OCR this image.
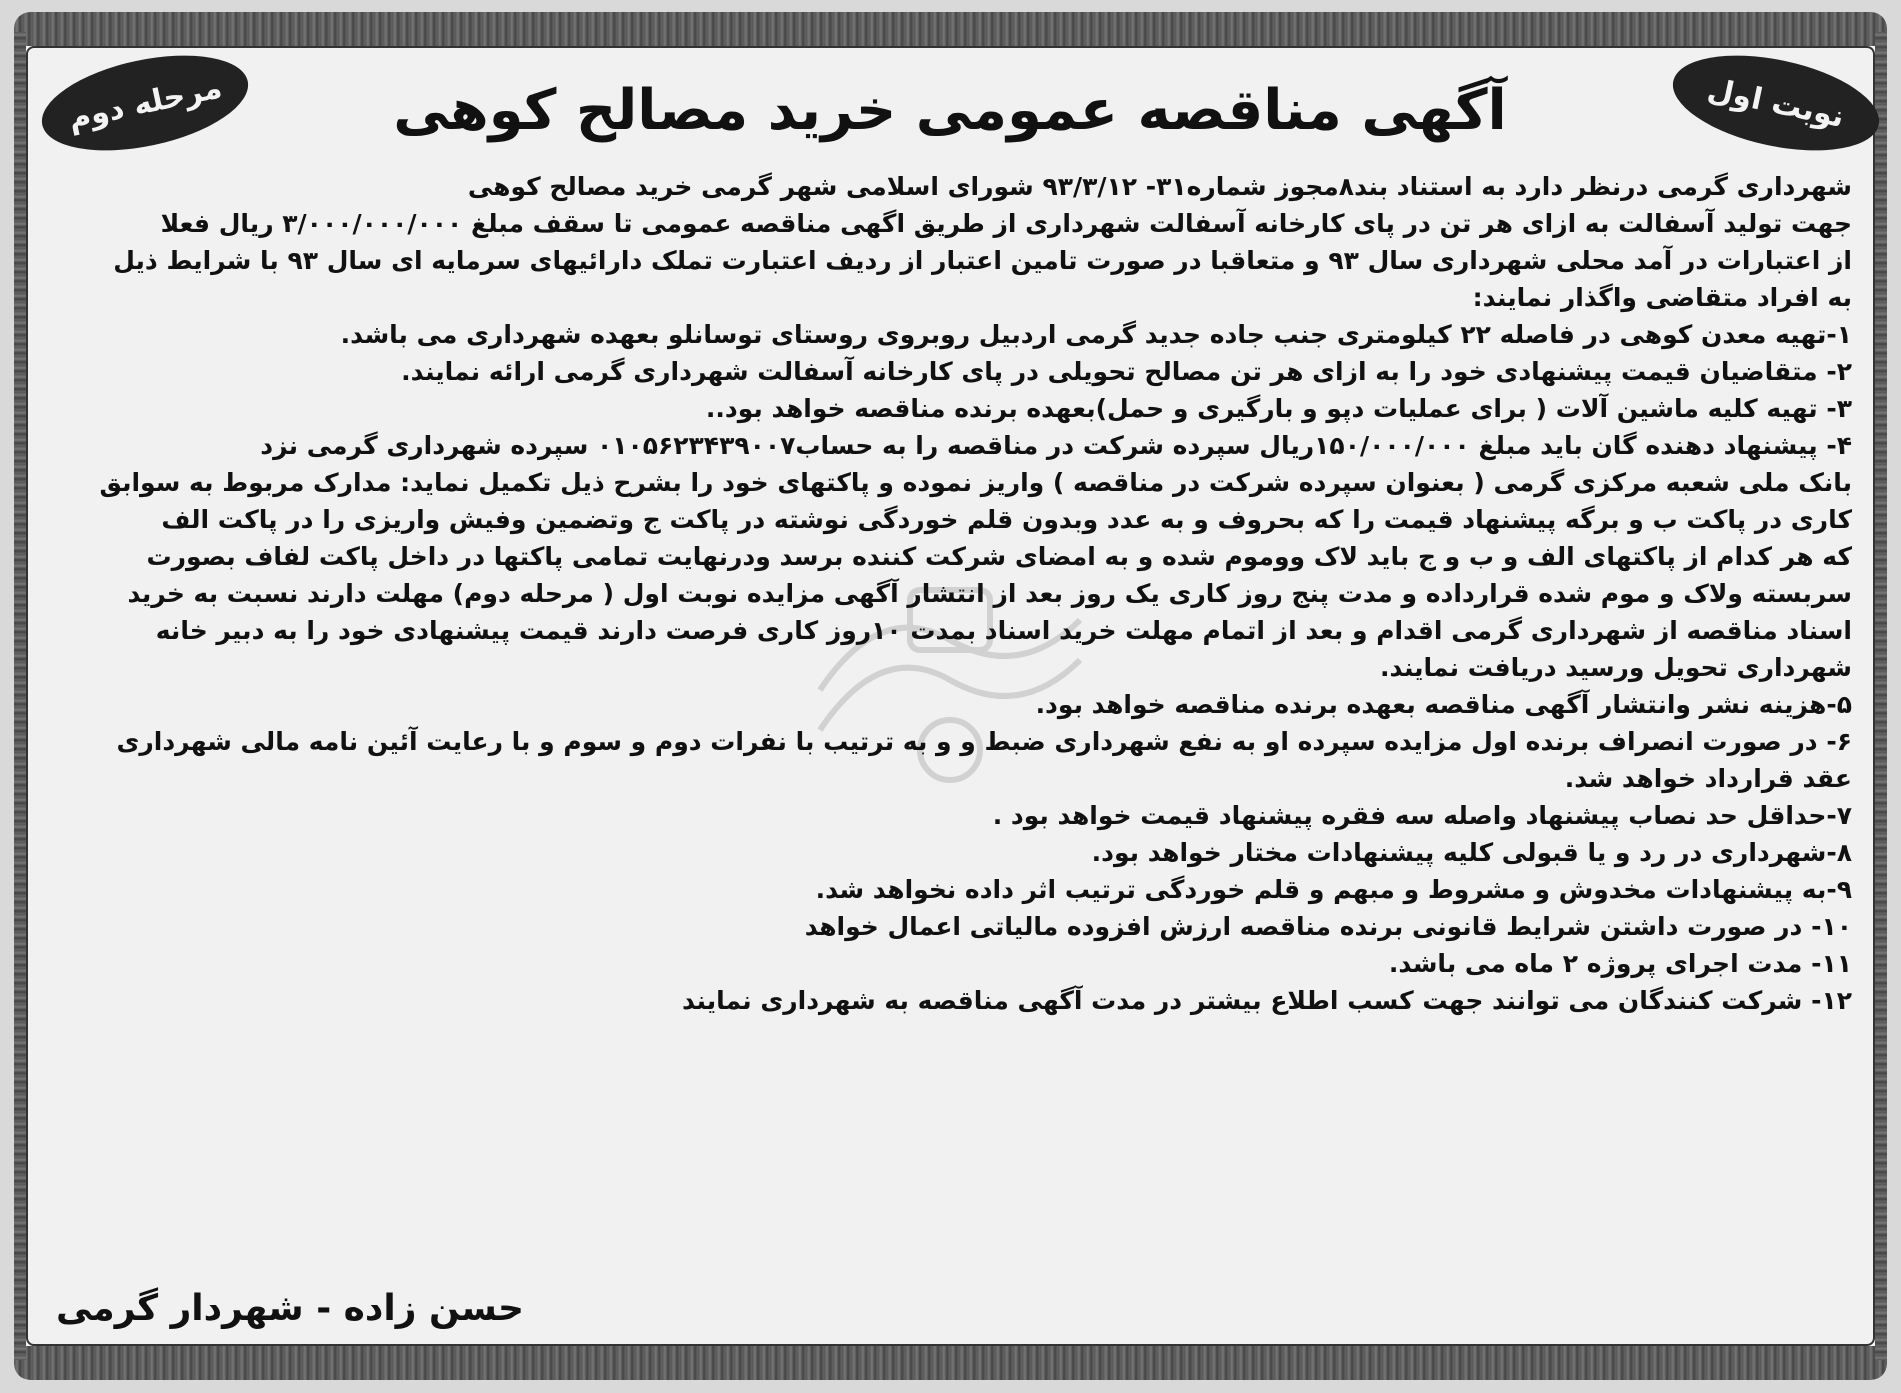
نوبت اول
مرحله دوم	آگهی مناقصه عمومی خرید مصالح کوهی
شهرداری گرمی درنظر دارد به استناد بند۸مجوز شماره۳۱- ۹۳/۳/۱۲ شورای اسلامی شهر گرمی خرید مصالح کوهی
جهت تولید آسفالت به ازای هر تن در پای کارخانه آسفالت شهرداری از طریق اگهی مناقصه عمومی تا سقف مبلغ ۳/۰۰۰/۰۰۰/۰۰۰ ریال فعلا
از اعتبارات در آمد محلی شهرداری سال ۹۳ و متعاقبا در صورت تامین اعتبار از ردیف اعتبارت تملک دارائیهای سرمایه ای سال ۹۳ با شرایط ذیل
به افراد متقاضی واگذار نمایند:
۱-تهیه معدن کوهی در فاصله ۲۲ کیلومتری جنب جاده جدید گرمی اردبیل روبروی روستای توسانلو بعهده شهرداری می باشد.
۲- متقاضیان قیمت پیشنهادی خود را به ازای هر تن مصالح تحویلی در پای کارخانه آسفالت شهرداری گرمی ارائه نمایند.
۳- تهیه کلیه ماشین آلات ( برای عملیات دپو و بارگیری و حمل)بعهده برنده مناقصه خواهد بود..
۴- پیشنهاد دهنده گان باید مبلغ ۱۵۰/۰۰۰/۰۰۰ریال سپرده شرکت در مناقصه را به حساب۰۱۰۵۶۲۳۴۳۹۰۰۷ سپرده شهرداری گرمی نزد
بانک ملی شعبه مرکزی گرمی ( بعنوان سپرده شرکت در مناقصه ) واریز نموده و پاکتهای خود را بشرح ذیل تکمیل نماید: مدارک مربوط به سوابق
کاری در پاکت ب و برگه پیشنهاد قیمت را که بحروف و به عدد وبدون قلم خوردگی نوشته در پاکت ج وتضمین وفیش واریزی را در پاکت الف
که هر کدام از پاکتهای الف و ب و ج باید لاک ووموم شده و به امضای شرکت کننده برسد ودرنهایت تمامی پاکتها در داخل پاکت لفاف بصورت
سربسته ولاک و موم شده قرارداده و مدت پنج روز کاری یک روز بعد از انتشار آگهی مزایده نوبت اول ( مرحله دوم) مهلت دارند نسبت به خرید
اسناد مناقصه از شهرداری گرمی اقدام و بعد از اتمام مهلت خرید اسناد بمدت ۱۰روز کاری فرصت دارند قیمت پیشنهادی خود را به دبیر خانه
شهرداری تحویل ورسید دریافت نمایند.
۵-هزینه نشر وانتشار آگهی مناقصه بعهده برنده مناقصه خواهد بود.
۶- در صورت انصراف برنده اول مزایده سپرده او به نفع شهرداری ضبط و و به ترتیب با نفرات دوم و سوم و با رعایت آئین نامه مالی شهرداری
عقد قرارداد خواهد شد.
۷-حداقل حد نصاب پیشنهاد واصله سه فقره پیشنهاد قیمت خواهد بود .
۸-شهرداری در رد و یا قبولی کلیه پیشنهادات مختار خواهد بود.
۹-به پیشنهادات مخدوش و مشروط و مبهم و قلم خوردگی ترتیب اثر داده نخواهد شد.
۱۰- در صورت داشتن شرایط قانونی برنده مناقصه ارزش افزوده مالیاتی اعمال خواهد
۱۱- مدت اجرای پروژه ۲ ماه می باشد.
۱۲- شرکت کنندگان می توانند جهت کسب اطلاع بیشتر در مدت آگهی مناقصه به شهرداری نمایند
حسن زاده - شهردار گرمی
